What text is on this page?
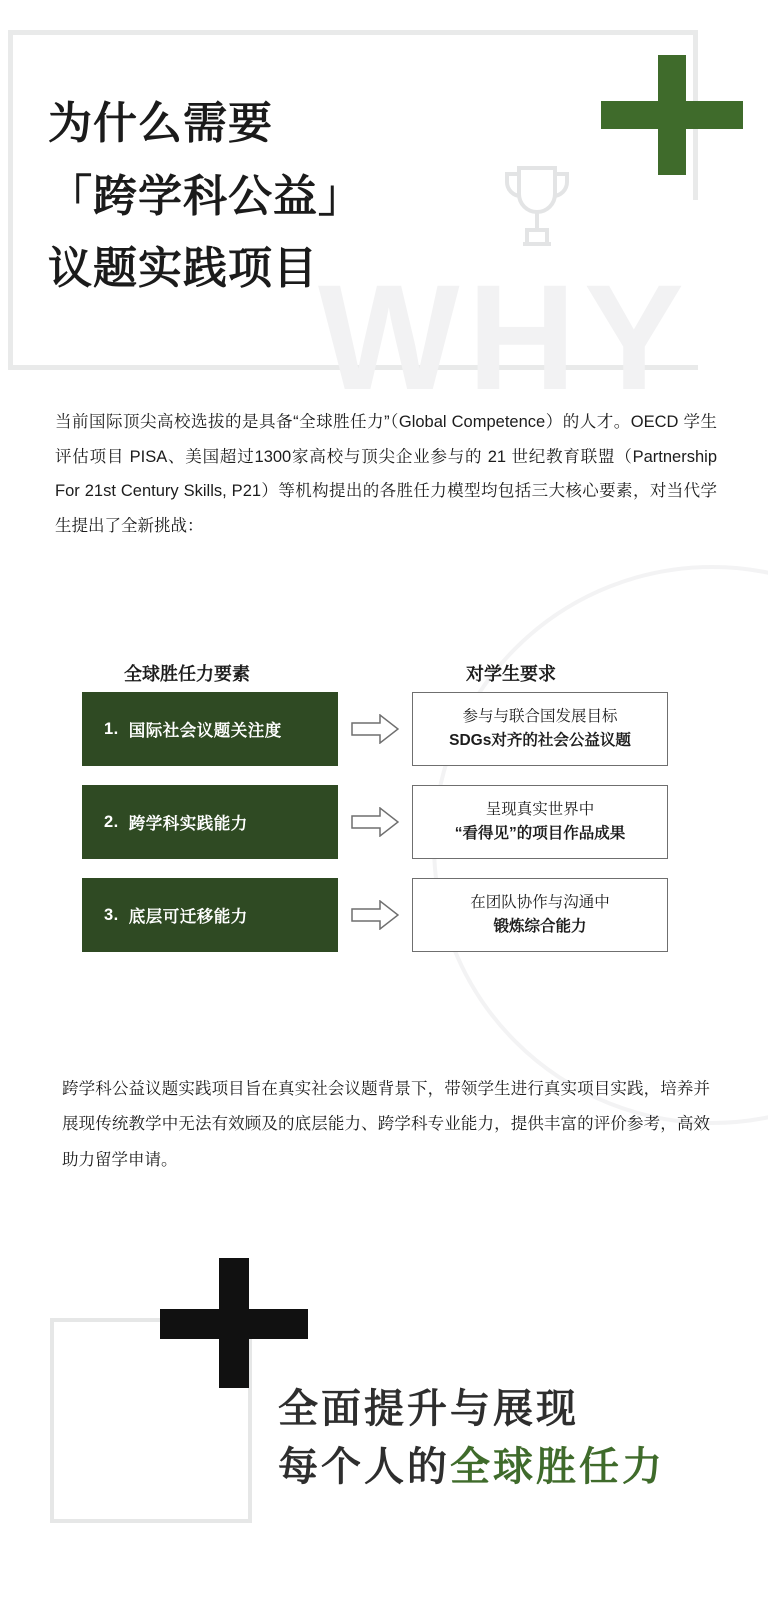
WHY
为什么需要
「跨学科公益」
议题实践项目
当前国际顶尖高校选拔的是具备“全球胜任力”（Global Competence）的人才。OECD 学生评估项目 PISA、美国超过1300家高校与顶尖企业参与的 21 世纪教育联盟（Partnership For 21st Century Skills, P21）等机构提出的各胜任力模型均包括三大核心要素，对当代学生提出了全新挑战：
全球胜任力要素	对学生要求
1. 国际社会议题关注度
参与与联合国发展目标
SDGs对齐的社会公益议题
2. 跨学科实践能力
呈现真实世界中
“看得见”的项目作品成果
3. 底层可迁移能力
在团队协作与沟通中
锻炼综合能力
跨学科公益议题实践项目旨在真实社会议题背景下，带领学生进行真实项目实践，培养并展现传统教学中无法有效顾及的底层能力、跨学科专业能力，提供丰富的评价参考，高效助力留学申请。
全面提升与展现
每个人的全球胜任力
